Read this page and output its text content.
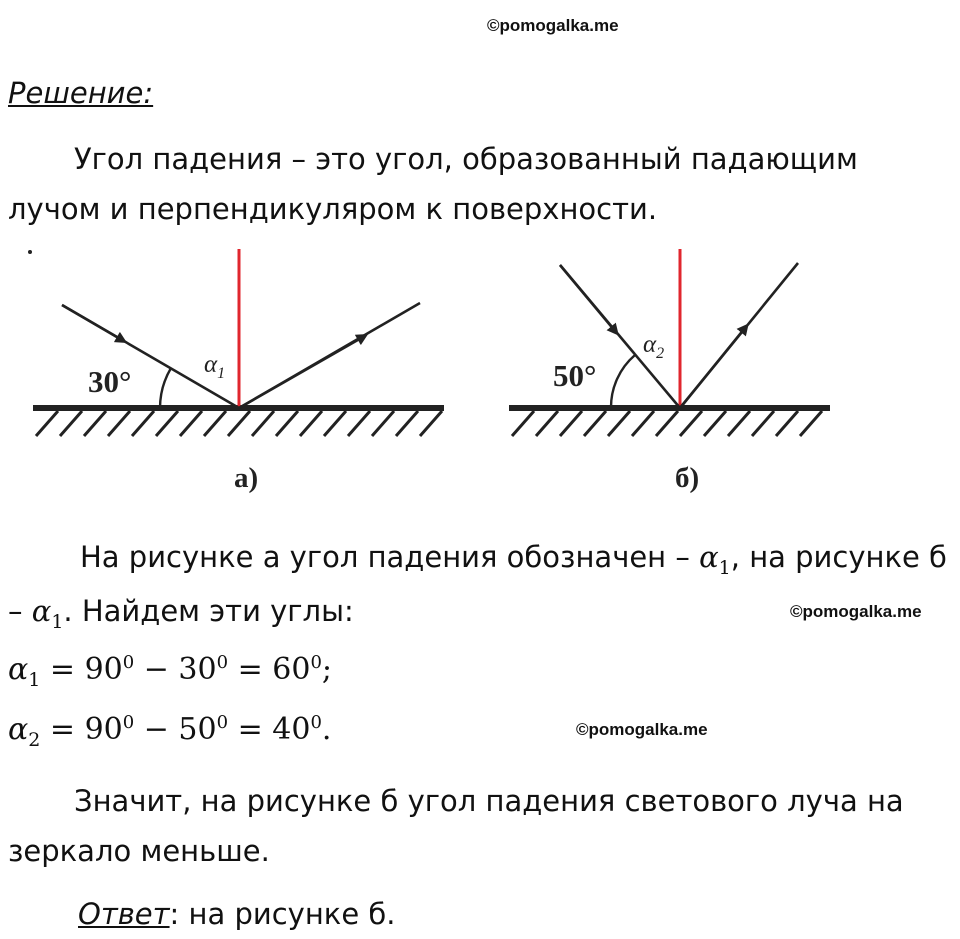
©pomogalka.me
Решение:
Угол падения – это угол, образованный падающим
лучом и перпендикуляром к поверхности.
30°	$\alpha_1$
а)
50°
$\alpha_2$
б)
На рисунке а угол падения обозначен – $\alpha_1$, на рисунке б
– $\alpha_1$. Найдем эти углы:	©pomogalka.me
$\alpha_1 = 90^0 - 30^0 = 60^0$;
$\alpha_2 = 90^0 - 50^0 = 40^0$.	©pomogalka.me
Значит, на рисунке б угол падения светового луча на
зеркало меньше.
Ответ: на рисунке б.
